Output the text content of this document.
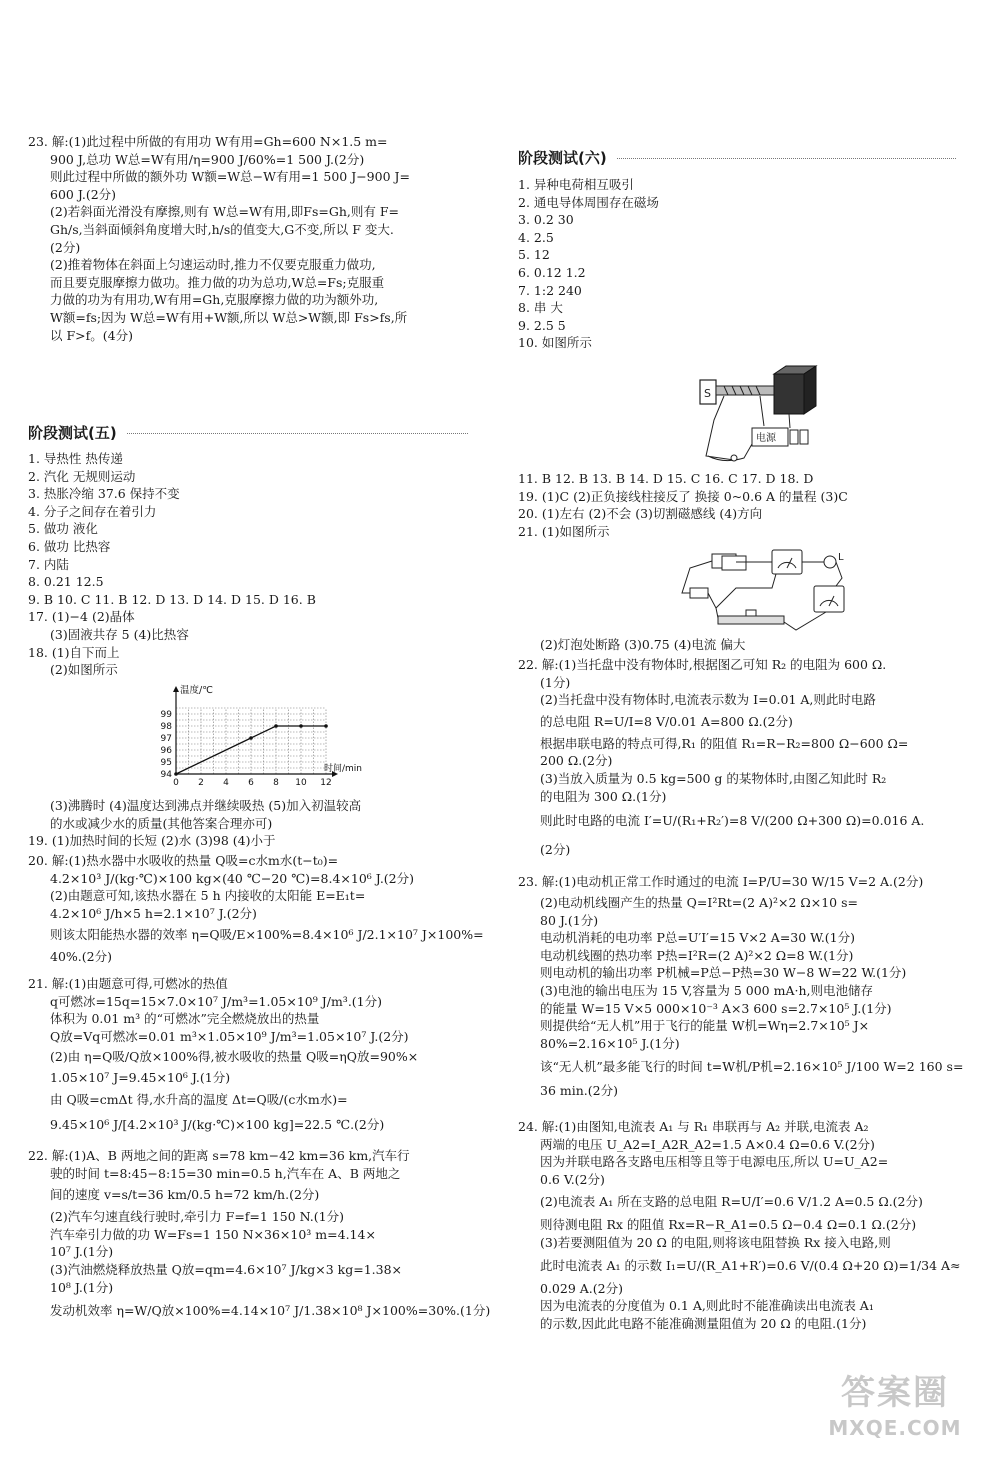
23. 解:(1)此过程中所做的有用功 W有用=Gh=600 N×1.5 m=
900 J,总功 W总=W有用/η=900 J/60%=1 500 J.(2分)
则此过程中所做的额外功 W额=W总−W有用=1 500 J−900 J=
600 J.(2分)
(2)若斜面光滑没有摩擦,则有 W总=W有用,即Fs=Gh,则有 F=
Gh/s,当斜面倾斜角度增大时,h/s的值变大,G不变,所以 F 变大.
(2分)
(2)推着物体在斜面上匀速运动时,推力不仅要克服重力做功,
而且要克服摩擦力做功。推力做的功为总功,W总=Fs;克服重
力做的功为有用功,W有用=Gh,克服摩擦力做的功为额外功,
W额=fs;因为 W总=W有用+W额,所以 W总>W额,即 Fs>fs,所
以 F>f。(4分)
阶段测试(五)
1. 导热性 热传递
2. 汽化 无规则运动
3. 热胀冷缩 37.6 保持不变
4. 分子之间存在着引力
5. 做功 液化
6. 做功 比热容
7. 内陆
8. 0.21 12.5
9. B 10. C 11. B 12. D 13. D 14. D 15. D 16. B
17. (1)−4 (2)晶体
(3)固液共存 5 (4)比热容
18. (1)自下而上
(2)如图所示
0 2 4 6 8 10 12
94
95
96
97
98
99
温度/℃
时间/min
(3)沸腾时 (4)温度达到沸点并继续吸热 (5)加入初温较高
的水或减少水的质量(其他答案合理亦可)
19. (1)加热时间的长短 (2)水 (3)98 (4)小于
20. 解:(1)热水器中水吸收的热量 Q吸=c水m水(t−t₀)=
4.2×10³ J/(kg·℃)×100 kg×(40 ℃−20 ℃)=8.4×10⁶ J.(2分)
(2)由题意可知,该热水器在 5 h 内接收的太阳能 E=E₁t=
4.2×10⁶ J/h×5 h=2.1×10⁷ J.(2分)
则该太阳能热水器的效率 η=Q吸/E×100%=8.4×10⁶ J/2.1×10⁷ J×100%=
40%.(2分)
21. 解:(1)由题意可得,可燃冰的热值
q可燃冰=15q=15×7.0×10⁷ J/m³=1.05×10⁹ J/m³.(1分)
体积为 0.01 m³ 的“可燃冰”完全燃烧放出的热量
Q放=Vq可燃冰=0.01 m³×1.05×10⁹ J/m³=1.05×10⁷ J.(2分)
(2)由 η=Q吸/Q放×100%得,被水吸收的热量 Q吸=ηQ放=90%×
1.05×10⁷ J=9.45×10⁶ J.(1分)
由 Q吸=cmΔt 得,水升高的温度 Δt=Q吸/(c水m水)=
9.45×10⁶ J/[4.2×10³ J/(kg·℃)×100 kg]=22.5 ℃.(2分)
22. 解:(1)A、B 两地之间的距离 s=78 km−42 km=36 km,汽车行
驶的时间 t=8:45−8:15=30 min=0.5 h,汽车在 A、B 两地之
间的速度 v=s/t=36 km/0.5 h=72 km/h.(2分)
(2)汽车匀速直线行驶时,牵引力 F=f=1 150 N.(1分)
汽车牵引力做的功 W=Fs=1 150 N×36×10³ m=4.14×
10⁷ J.(1分)
(3)汽油燃烧释放热量 Q放=qm=4.6×10⁷ J/kg×3 kg=1.38×
10⁸ J.(1分)
发动机效率 η=W/Q放×100%=4.14×10⁷ J/1.38×10⁸ J×100%=30%.(1分)
阶段测试(六)
1. 异种电荷相互吸引
2. 通电导体周围存在磁场
3. 0.2 30
4. 2.5
5. 12
6. 0.12 1.2
7. 1:2 240
8. 串 大
9. 2.5 5
10. 如图所示
S
电源
11. B 12. B 13. B 14. D 15. C 16. C 17. D 18. D
19. (1)C (2)正负接线柱接反了 换接 0~0.6 A 的量程 (3)C
20. (1)左右 (2)不会 (3)切割磁感线 (4)方向
21. (1)如图所示
L
(2)灯泡处断路 (3)0.75 (4)电流 偏大
22. 解:(1)当托盘中没有物体时,根据图乙可知 R₂ 的电阻为 600 Ω.
(1分)
(2)当托盘中没有物体时,电流表示数为 I=0.01 A,则此时电路
的总电阻 R=U/I=8 V/0.01 A=800 Ω.(2分)
根据串联电路的特点可得,R₁ 的阻值 R₁=R−R₂=800 Ω−600 Ω=
200 Ω.(2分)
(3)当放入质量为 0.5 kg=500 g 的某物体时,由图乙知此时 R₂
的电阻为 300 Ω.(1分)
则此时电路的电流 I′=U/(R₁+R₂′)=8 V/(200 Ω+300 Ω)=0.016 A.
(2分)
23. 解:(1)电动机正常工作时通过的电流 I=P/U=30 W/15 V=2 A.(2分)
(2)电动机线圈产生的热量 Q=I²Rt=(2 A)²×2 Ω×10 s=
80 J.(1分)
电动机消耗的电功率 P总=U′I′=15 V×2 A=30 W.(1分)
电动机线圈的热功率 P热=I²R=(2 A)²×2 Ω=8 W.(1分)
则电动机的输出功率 P机械=P总−P热=30 W−8 W=22 W.(1分)
(3)电池的输出电压为 15 V,容量为 5 000 mA·h,则电池储存
的能量 W=15 V×5 000×10⁻³ A×3 600 s=2.7×10⁵ J.(1分)
则提供给“无人机”用于飞行的能量 W机=Wη=2.7×10⁵ J×
80%=2.16×10⁵ J.(1分)
该“无人机”最多能飞行的时间 t=W机/P机=2.16×10⁵ J/100 W=2 160 s=
36 min.(2分)
24. 解:(1)由图知,电流表 A₁ 与 R₁ 串联再与 A₂ 并联,电流表 A₂
两端的电压 U_A2=I_A2R_A2=1.5 A×0.4 Ω=0.6 V.(2分)
因为并联电路各支路电压相等且等于电源电压,所以 U=U_A2=
0.6 V.(2分)
(2)电流表 A₁ 所在支路的总电阻 R=U/I′=0.6 V/1.2 A=0.5 Ω.(2分)
则待测电阻 Rx 的阻值 Rx=R−R_A1=0.5 Ω−0.4 Ω=0.1 Ω.(2分)
(3)若要测阻值为 20 Ω 的电阻,则将该电阻替换 Rx 接入电路,则
此时电流表 A₁ 的示数 I₁=U/(R_A1+R′)=0.6 V/(0.4 Ω+20 Ω)=1/34 A≈
0.029 A.(2分)
因为电流表的分度值为 0.1 A,则此时不能准确读出电流表 A₁
的示数,因此此电路不能准确测量阻值为 20 Ω 的电阻.(1分)
答案圈
MXQE.COM
